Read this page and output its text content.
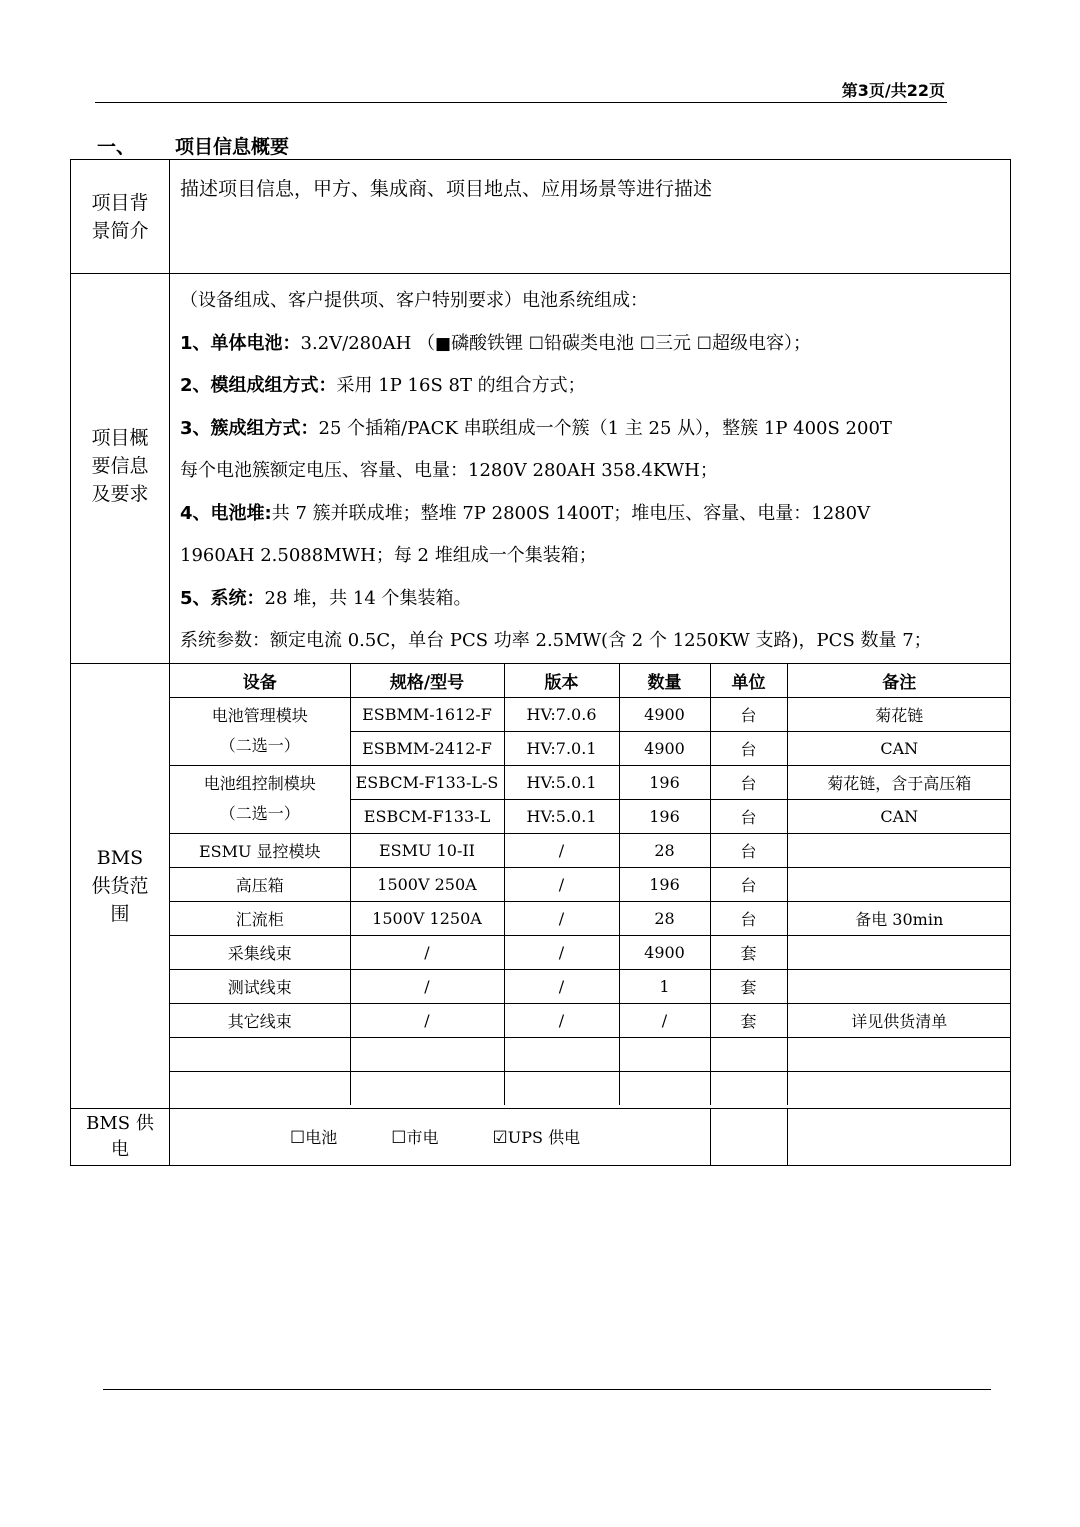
第3页/共22页
一、 项目信息概要
项目背
景简介
	描述项目信息，甲方、集成商、项目地点、应用场景等进行描述

项目概
要信息
及要求

（设备组成、客户提供项、客户特别要求）电池系统组成：
1、单体电池：3.2V/280AH （■磷酸铁锂 ☐铅碳类电池 ☐三元 ☐超级电容）；
2、模组成组方式：采用 1P 16S 8T 的组合方式；
3、簇成组方式：25 个插箱/PACK 串联组成一个簇（1 主 25 从），整簇 1P 400S 200T
每个电池簇额定电压、容量、电量：1280V 280AH 358.4KWH；
4、电池堆:共 7 簇并联成堆；整堆 7P 2800S 1400T；堆电压、容量、电量：1280V
1960AH 2.5088MWH；每 2 堆组成一个集装箱；
5、系统：28 堆，共 14 个集装箱。
系统参数：额定电流 0.5C，单台 PCS 功率 2.5MW(含 2 个 1250KW 支路)，PCS 数量 7；

BMS
供货范
围

设备	规格/型号	版本	数量	单位	备注

电池管理模块
（二选一）
	ESBMM-1612-F	HV:7.0.6	4900	台	菊花链
ESBMM-2412-F	HV:7.0.1	4900	台	CAN

电池组控制模块
（二选一）
	ESBCM-F133-L-S	HV:5.0.1	196	台	菊花链，含于高压箱
ESBCM-F133-L	HV:5.0.1	196	台	CAN
ESMU 显控模块	ESMU 10-II	/	28	台	
高压箱	1500V 250A	/	196	台	
汇流柜	1500V 1250A	/	28	台	备电 30min
采集线束	/	/	4900	套	
测试线束	/	/	1	套	
其它线束	/	/	/	套	详见供货清单

BMS 供
电

☐电池	☐市电	☑UPS 供电
